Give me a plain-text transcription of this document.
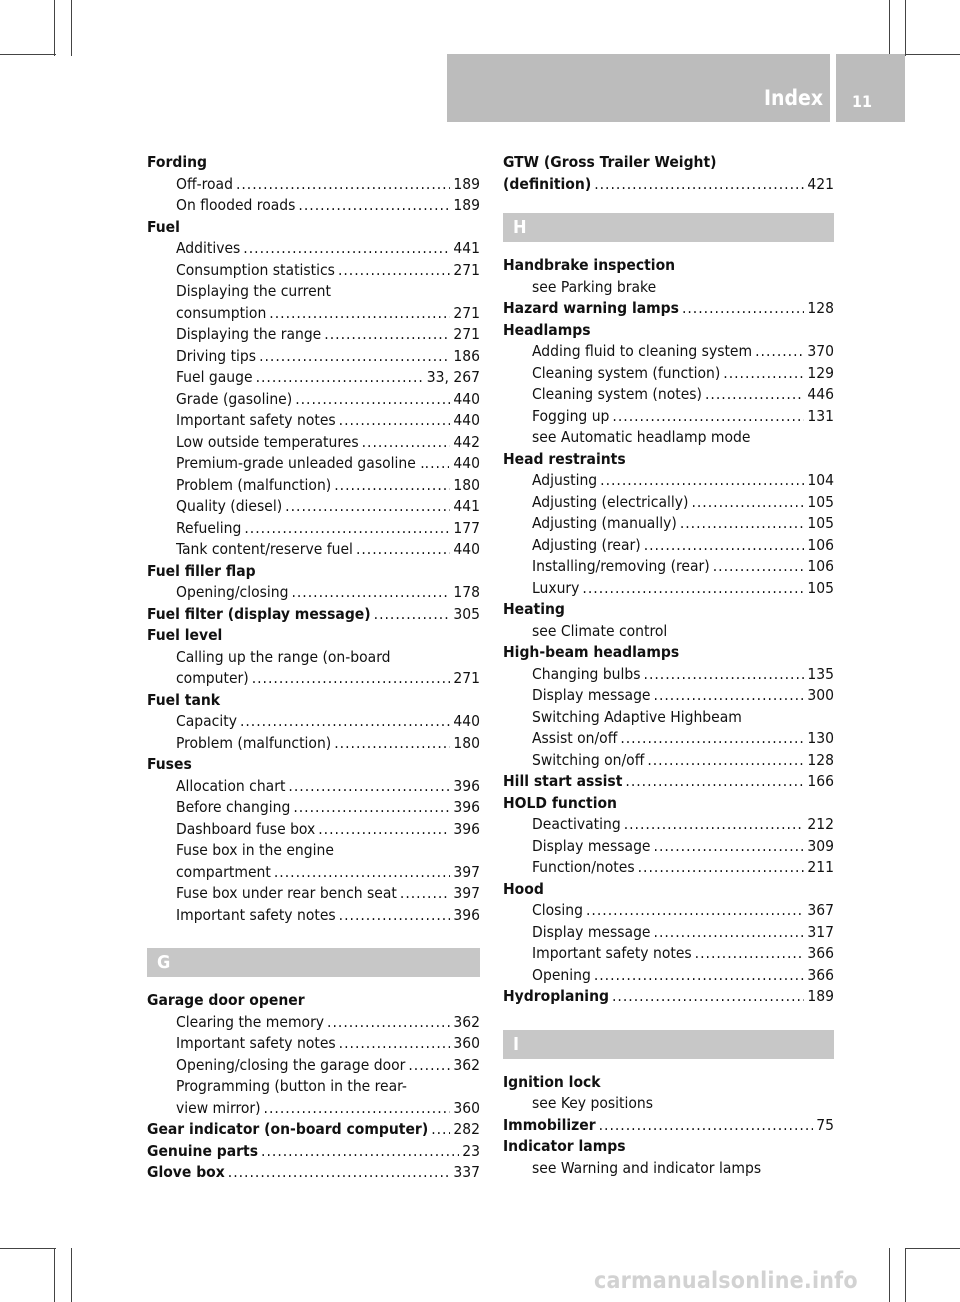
Index 11
Fording
Off-road .....	189
On flooded roads .....	189
Fuel
Additives .....	441
Consumption statistics .....	271
Displaying the current
consumption .....	271
Displaying the range .....	271
Driving tips .....	186
Fuel gauge .....	33, 267
Grade (gasoline) .....	440
Important safety notes .....	440
Low outside temperatures .....	442
Premium-grade unleaded gasoline . ..... 440
Problem (malfunction) .....	180
Quality (diesel) .....	441
Refueling .....	177
Tank content/reserve fuel .....	440
Fuel filler flap
Opening/closing .....	178
Fuel filter (display message) .....	305
Fuel level
Calling up the range (on-board
computer) .....	271
Fuel tank
Capacity .....	440
Problem (malfunction) .....	180
Fuses
Allocation chart .....	396
Before changing .....	396
Dashboard fuse box .....	396
Fuse box in the engine
compartment .....	397
Fuse box under rear bench seat .....	397
Important safety notes .....	396
G
Garage door opener
Clearing the memory .....	362
Important safety notes .....	360
Opening/closing the garage door .....	362
Programming (button in the rear-
view mirror) .....	360
Gear indicator (on-board computer) ..... 282
Genuine parts .....	23
Glove box .....	337
GTW (Gross Trailer Weight)
(definition) .....	421
H
Handbrake inspection
see Parking brake
Hazard warning lamps .....	128
Headlamps
Adding fluid to cleaning system .....	370
Cleaning system (function) .....	129
Cleaning system (notes) .....	446
Fogging up .....	131
see Automatic headlamp mode
Head restraints
Adjusting .....	104
Adjusting (electrically) .....	105
Adjusting (manually) .....	105
Adjusting (rear) .....	106
Installing/removing (rear) .....	106
Luxury .....	105
Heating
see Climate control
High-beam headlamps
Changing bulbs .....	135
Display message .....	300
Switching Adaptive Highbeam
Assist on/off .....	130
Switching on/off .....	128
Hill start assist .....	166
HOLD function
Deactivating .....	212
Display message .....	309
Function/notes .....	211
Hood
Closing .....	367
Display message .....	317
Important safety notes .....	366
Opening .....	366
Hydroplaning .....	189
I
Ignition lock
see Key positions
Immobilizer .....	75
Indicator lamps
see Warning and indicator lamps
carmanualsonline.info
